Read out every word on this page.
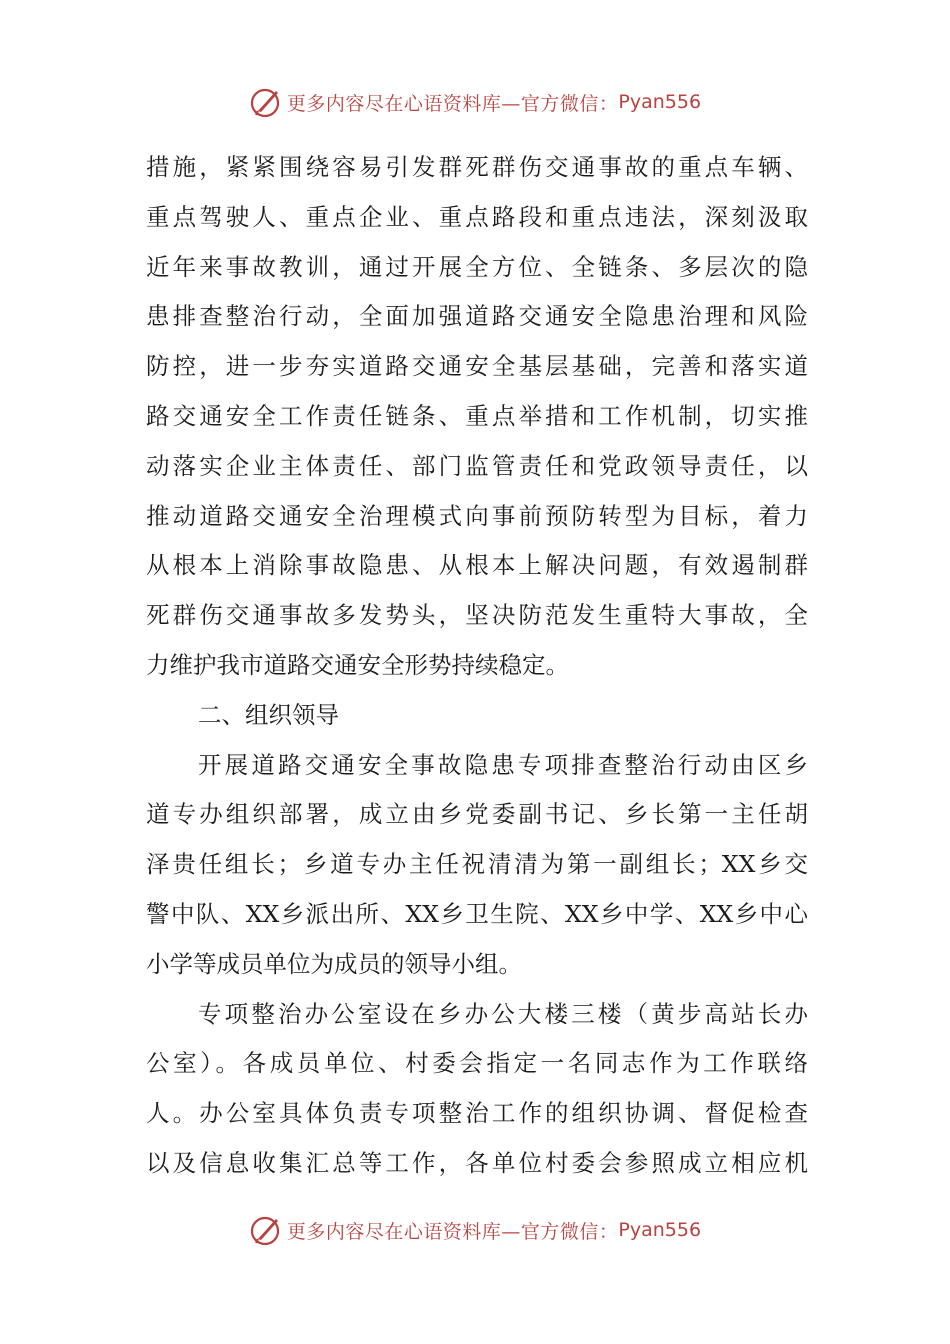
更多内容尽在心语资料库—官方微信： Pyan556
措施，紧紧围绕容易引发群死群伤交通事故的重点车辆、
重点驾驶人、重点企业、重点路段和重点违法，深刻汲取
近年来事故教训，通过开展全方位、全链条、多层次的隐
患排查整治行动，全面加强道路交通安全隐患治理和风险
防控，进一步夯实道路交通安全基层基础，完善和落实道
路交通安全工作责任链条、重点举措和工作机制，切实推
动落实企业主体责任、部门监管责任和党政领导责任，以
推动道路交通安全治理模式向事前预防转型为目标，着力
从根本上消除事故隐患、从根本上解决问题，有效遏制群
死群伤交通事故多发势头，坚决防范发生重特大事故，全
力维护我市道路交通安全形势持续稳定。
二、组织领导
开展道路交通安全事故隐患专项排查整治行动由区乡
道专办组织部署，成立由乡党委副书记、乡长第一主任胡
泽贵任组长；乡道专办主任祝清清为第一副组长；XX乡交
警中队、XX乡派出所、XX乡卫生院、XX乡中学、XX乡中心
小学等成员单位为成员的领导小组。
专项整治办公室设在乡办公大楼三楼（黄步高站长办
公室）。各成员单位、村委会指定一名同志作为工作联络
人。办公室具体负责专项整治工作的组织协调、督促检查
以及信息收集汇总等工作，各单位村委会参照成立相应机
更多内容尽在心语资料库—官方微信： Pyan556
